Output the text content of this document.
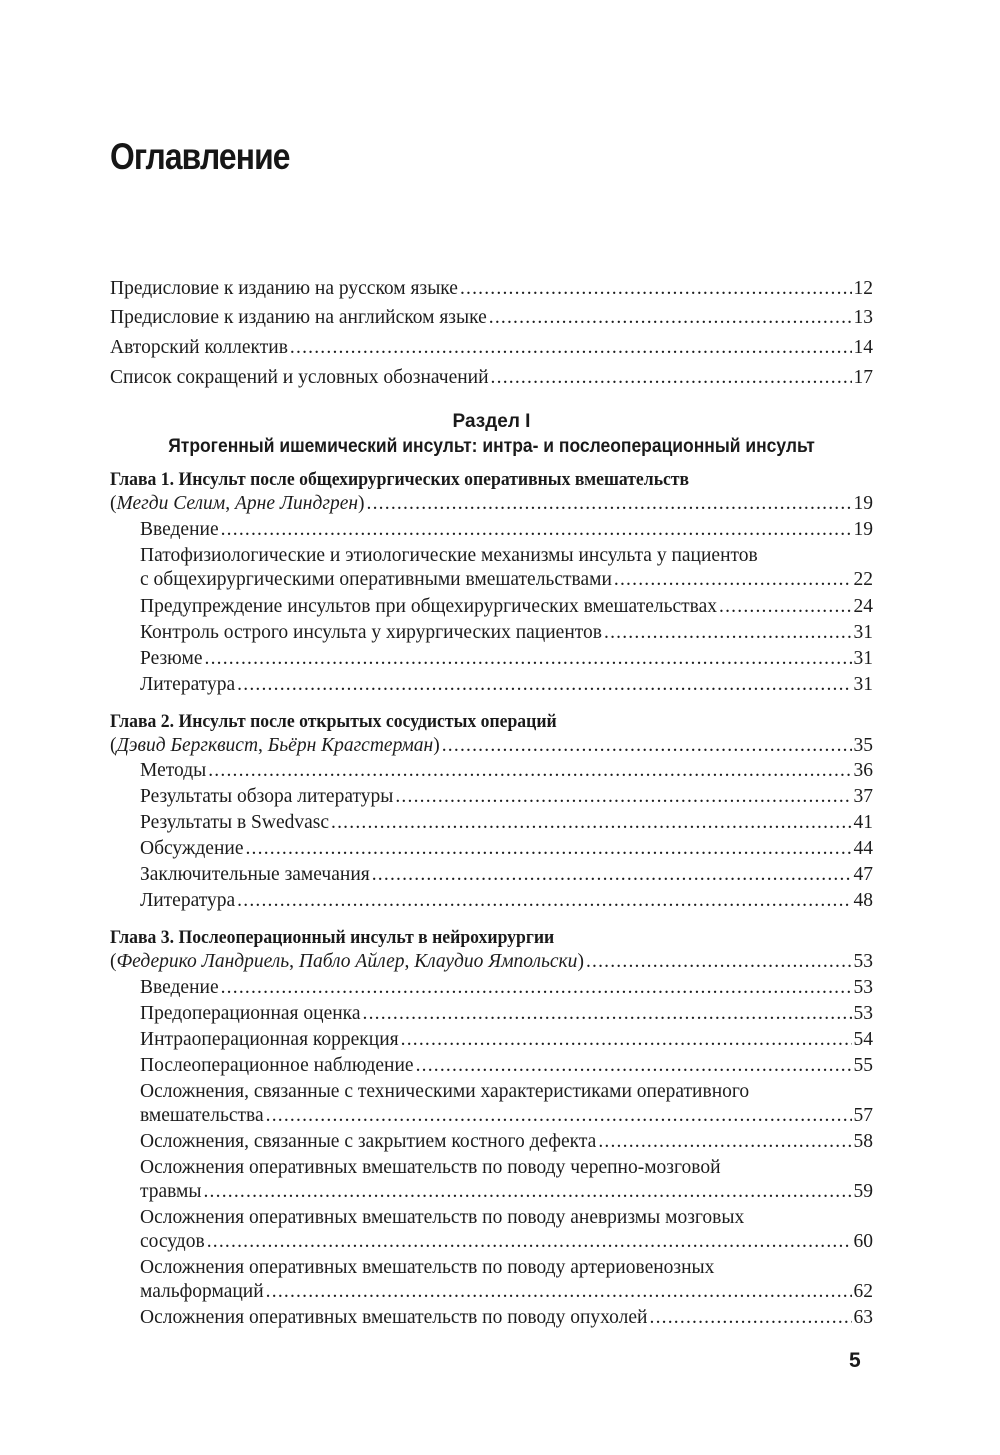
Оглавление
Предисловие к изданию на русском языке .....	12
Предисловие к изданию на английском языке .....	13
Авторский коллектив .....	14
Список сокращений и условных обозначений .....	17
Раздел I
Ятрогенный ишемический инсульт: интра- и послеоперационный инсульт
Глава 1. Инсульт после общехирургических оперативных вмешательств
(Мегди Селим, Арне Линдгрен) .....	19
Введение .....	19
Патофизиологические и этиологические механизмы инсульта у пациентов
с общехирургическими оперативными вмешательствами .....	22
Предупреждение инсультов при общехирургических вмешательствах .....	24
Контроль острого инсульта у хирургических пациентов .....	31
Резюме .....	31
Литература .....	31
Глава 2. Инсульт после открытых сосудистых операций
(Дэвид Бергквист, Бьёрн Крагстерман) .....	35
Методы .....	36
Результаты обзора литературы .....	37
Результаты в Swedvasc .....	41
Обсуждение .....	44
Заключительные замечания .....	47
Литература .....	48
Глава 3. Послеоперационный инсульт в нейрохирургии
(Федерико Ландриель, Пабло Айлер, Клаудио Ямпольски) .....	53
Введение .....	53
Предоперационная оценка .....	53
Интраоперационная коррекция .....	54
Послеоперационное наблюдение .....	55
Осложнения, связанные с техническими характеристиками оперативного
вмешательства .....	57
Осложнения, связанные с закрытием костного дефекта .....	58
Осложнения оперативных вмешательств по поводу черепно-мозговой
травмы .....	59
Осложнения оперативных вмешательств по поводу аневризмы мозговых
сосудов .....	60
Осложнения оперативных вмешательств по поводу артериовенозных
мальформаций .....	62
Осложнения оперативных вмешательств по поводу опухолей .....	63
5
